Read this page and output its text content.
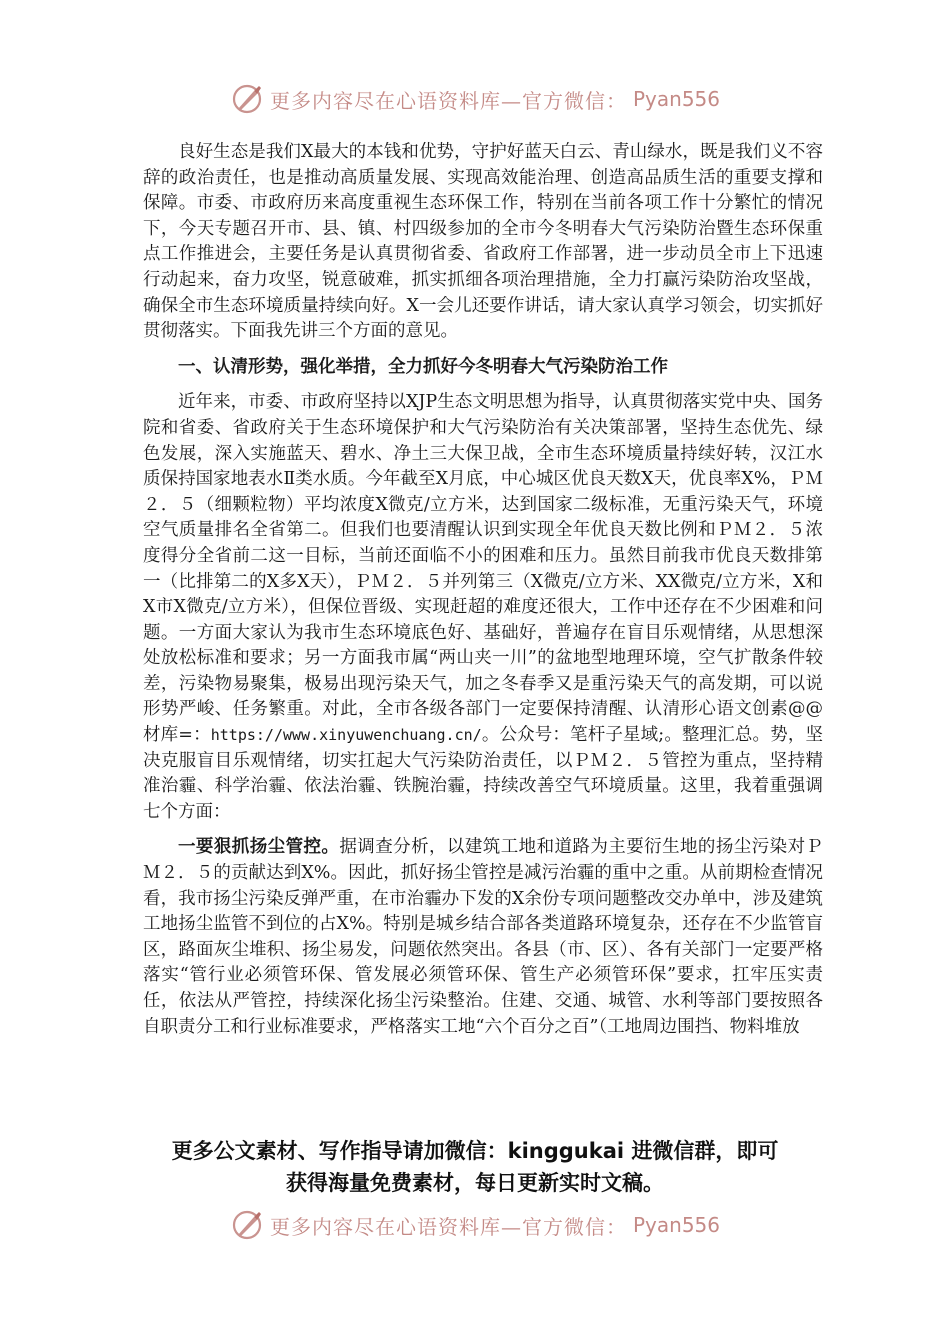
更多内容尽在心语资料库—官方微信： Pyan556

良好生态是我们X最大的本钱和优势，守护好蓝天白云、青山绿水，既是我们义不容辞的政治责任，也是推动高质量发展、实现高效能治理、创造高品质生活的重要支撑和保障。市委、市政府历来高度重视生态环保工作，特别在当前各项工作十分繁忙的情况下，今天专题召开市、县、镇、村四级参加的全市今冬明春大气污染防治暨生态环保重点工作推进会，主要任务是认真贯彻省委、省政府工作部署，进一步动员全市上下迅速行动起来，奋力攻坚，锐意破难，抓实抓细各项治理措施，全力打赢污染防治攻坚战，确保全市生态环境质量持续向好。X一会儿还要作讲话，请大家认真学习领会，切实抓好贯彻落实。下面我先讲三个方面的意见。

一、认清形势，强化举措，全力抓好今冬明春大气污染防治工作

近年来，市委、市政府坚持以XJP生态文明思想为指导，认真贯彻落实党中央、国务院和省委、省政府关于生态环境保护和大气污染防治有关决策部署，坚持生态优先、绿色发展，深入实施蓝天、碧水、净土三大保卫战，全市生态环境质量持续好转，汉江水质保持国家地表水Ⅱ类水质。今年截至X月底，中心城区优良天数X天，优良率X%，ＰＭ２．５（细颗粒物）平均浓度X微克/立方米，达到国家二级标准，无重污染天气，环境空气质量排名全省第二。但我们也要清醒认识到实现全年优良天数比例和ＰＭ２．５浓度得分全省前二这一目标，当前还面临不小的困难和压力。虽然目前我市优良天数排第一（比排第二的X多X天），ＰＭ２．５并列第三（X微克/立方米、XX微克/立方米，X和X市X微克/立方米），但保位晋级、实现赶超的难度还很大，工作中还存在不少困难和问题。一方面大家认为我市生态环境底色好、基础好，普遍存在盲目乐观情绪，从思想深处放松标准和要求；另一方面我市属“两山夹一川”的盆地型地理环境，空气扩散条件较差，污染物易聚集，极易出现污染天气，加之冬春季又是重污染天气的高发期，可以说形势严峻、任务繁重。对此，全市各级各部门一定要保持清醒、认清形心语文创素@@材库=：https://www.xinyuwenchuang.cn/。公众号：笔杆子星域;。整理汇总。势，坚决克服盲目乐观情绪，切实扛起大气污染防治责任，以ＰＭ２．５管控为重点，坚持精准治霾、科学治霾、依法治霾、铁腕治霾，持续改善空气环境质量。这里，我着重强调七个方面：

一要狠抓扬尘管控。据调查分析，以建筑工地和道路为主要衍生地的扬尘污染对ＰＭ２．５的贡献达到X%。因此，抓好扬尘管控是减污治霾的重中之重。从前期检查情况看，我市扬尘污染反弹严重，在市治霾办下发的X余份专项问题整改交办单中，涉及建筑工地扬尘监管不到位的占X%。特别是城乡结合部各类道路环境复杂，还存在不少监管盲区，路面灰尘堆积、扬尘易发，问题依然突出。各县（市、区）、各有关部门一定要严格落实“管行业必须管环保、管发展必须管环保、管生产必须管环保”要求，扛牢压实责任，依法从严管控，持续深化扬尘污染整治。住建、交通、城管、水利等部门要按照各自职责分工和行业标准要求，严格落实工地“六个百分之百”（工地周边围挡、物料堆放

更多公文素材、写作指导请加微信：kinggukai 进微信群，即可
获得海量免费素材，每日更新实时文稿。
更多内容尽在心语资料库—官方微信： Pyan556
